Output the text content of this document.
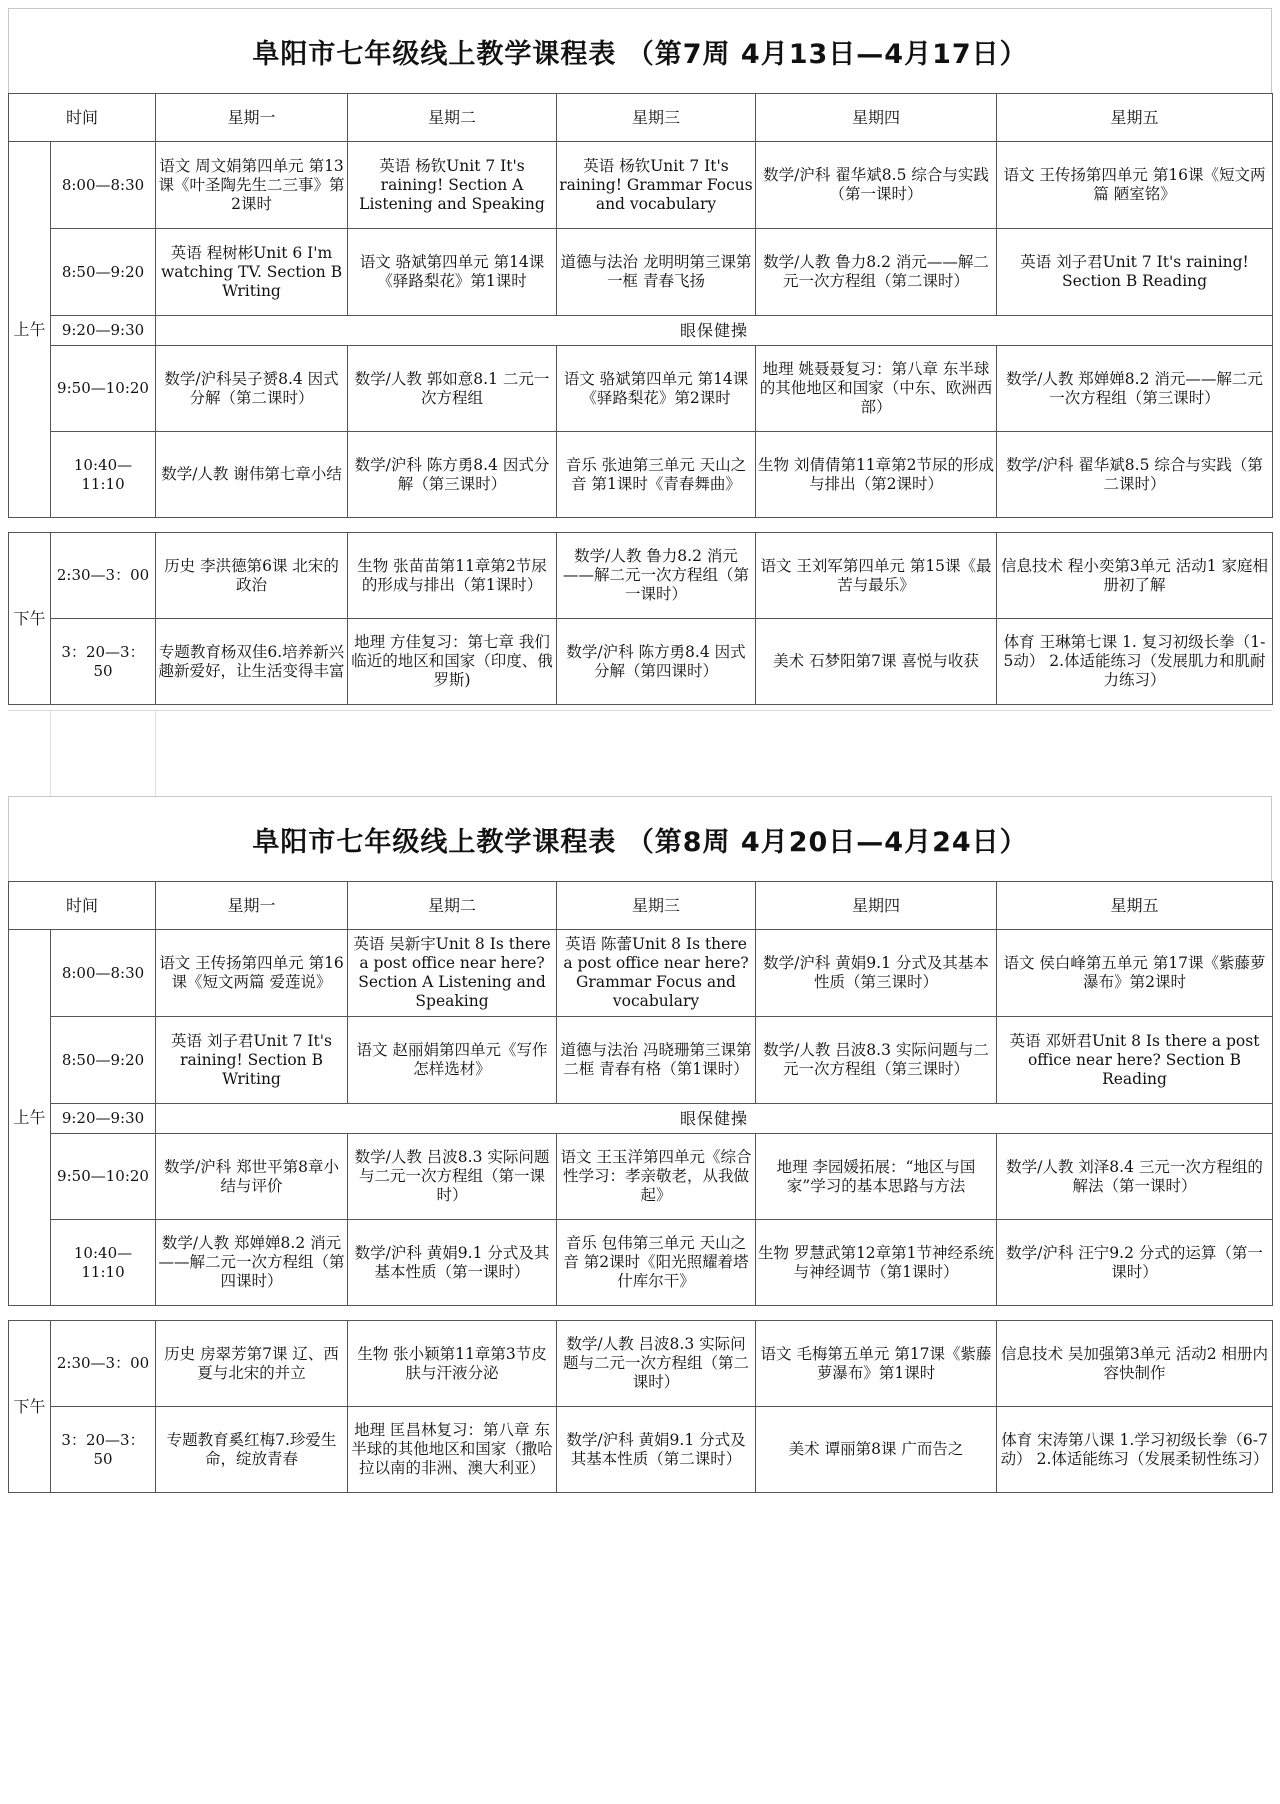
阜阳市七年级线上教学课程表 （第7周 4月13日—4月17日）
时间		星期一	星期二	星期三	星期四	星期五
上午	8:00—8:30	语文 周文娟第四单元 第13课《叶圣陶先生二三事》第2课时	英语 杨钦Unit 7 It's raining! Section A Listening and Speaking	英语 杨钦Unit 7 It's raining! Grammar Focus and vocabulary	数学/沪科 翟华斌8.5 综合与实践（第一课时）	语文 王传扬第四单元 第16课《短文两篇 陋室铭》
	8:50—9:20	英语 程树彬Unit 6 I'm watching TV. Section B Writing	语文 骆斌第四单元 第14课《驿路梨花》第1课时	道德与法治 龙明明第三课第一框 青春飞扬	数学/人教 鲁力8.2 消元——解二元一次方程组（第二课时）	英语 刘子君Unit 7 It's raining! Section B Reading
	9:20—9:30	眼保健操				
	9:50—10:20	数学/沪科吴子赟8.4 因式分解（第二课时）	数学/人教 郭如意8.1 二元一次方程组	语文 骆斌第四单元 第14课《驿路梨花》第2课时	地理 姚聂聂复习：第八章 东半球的其他地区和国家（中东、欧洲西部）	数学/人教 郑婵婵8.2 消元——解二元一次方程组（第三课时）
	10:40—11:10	数学/人教 谢伟第七章小结	数学/沪科 陈方勇8.4 因式分解（第三课时）	音乐 张迪第三单元 天山之音 第1课时《青春舞曲》	生物 刘倩倩第11章第2节尿的形成与排出（第2课时）	数学/沪科 翟华斌8.5 综合与实践（第二课时）

下午	2:30—3：00	历史 李洪德第6课 北宋的政治	生物 张苗苗第11章第2节尿的形成与排出（第1课时）	数学/人教 鲁力8.2 消元——解二元一次方程组（第一课时）	语文 王刘军第四单元 第15课《最苦与最乐》	信息技术 程小奕第3单元 活动1 家庭相册初了解
	3：20—3：50	专题教育杨双佳6.培养新兴趣新爱好，让生活变得丰富	地理 方佳复习：第七章 我们临近的地区和国家（印度、俄罗斯)	数学/沪科 陈方勇8.4 因式分解（第四课时）	美术 石梦阳第7课 喜悦与收获	体育 王琳第七课 1. 复习初级长拳（1-5动） 2.体适能练习（发展肌力和肌耐力练习）
阜阳市七年级线上教学课程表 （第8周 4月20日—4月24日）
时间		星期一	星期二	星期三	星期四	星期五
上午	8:00—8:30	语文 王传扬第四单元 第16课《短文两篇 爱莲说》	英语 吴新宇Unit 8 Is there a post office near here? Section A Listening and Speaking	英语 陈蕾Unit 8 Is there a post office near here? Grammar Focus and vocabulary	数学/沪科 黄娟9.1 分式及其基本性质（第三课时）	语文 侯白峰第五单元 第17课《紫藤萝瀑布》第2课时
	8:50—9:20	英语 刘子君Unit 7 It's raining! Section B Writing	语文 赵丽娟第四单元《写作 怎样选材》	道德与法治 冯晓珊第三课第二框 青春有格（第1课时）	数学/人教 吕波8.3 实际问题与二元一次方程组（第三课时）	英语 邓妍君Unit 8 Is there a post office near here? Section B Reading
	9:20—9:30	眼保健操				
	9:50—10:20	数学/沪科 郑世平第8章小结与评价	数学/人教 吕波8.3 实际问题与二元一次方程组（第一课时）	语文 王玉洋第四单元《综合性学习：孝亲敬老，从我做起》	地理 李园媛拓展：“地区与国家”学习的基本思路与方法	数学/人教 刘泽8.4 三元一次方程组的解法（第一课时）
	10:40—11:10	数学/人教 郑婵婵8.2 消元——解二元一次方程组（第四课时）	数学/沪科 黄娟9.1 分式及其基本性质（第一课时）	音乐 包伟第三单元 天山之音 第2课时《阳光照耀着塔什库尔干》	生物 罗慧武第12章第1节神经系统与神经调节（第1课时）	数学/沪科 汪宁9.2 分式的运算（第一课时）

下午	2:30—3：00	历史 房翠芳第7课 辽、西夏与北宋的并立	生物 张小颖第11章第3节皮肤与汗液分泌	数学/人教 吕波8.3 实际问题与二元一次方程组（第二课时）	语文 毛梅第五单元 第17课《紫藤萝瀑布》第1课时	信息技术 吴加强第3单元 活动2 相册内容快制作
	3：20—3：50	专题教育奚红梅7.珍爱生命，绽放青春	地理 匡昌林复习：第八章 东半球的其他地区和国家（撒哈拉以南的非洲、澳大利亚）	数学/沪科 黄娟9.1 分式及其基本性质（第二课时）	美术 谭丽第8课 广而告之	体育 宋涛第八课 1.学习初级长拳（6-7动） 2.体适能练习（发展柔韧性练习）
